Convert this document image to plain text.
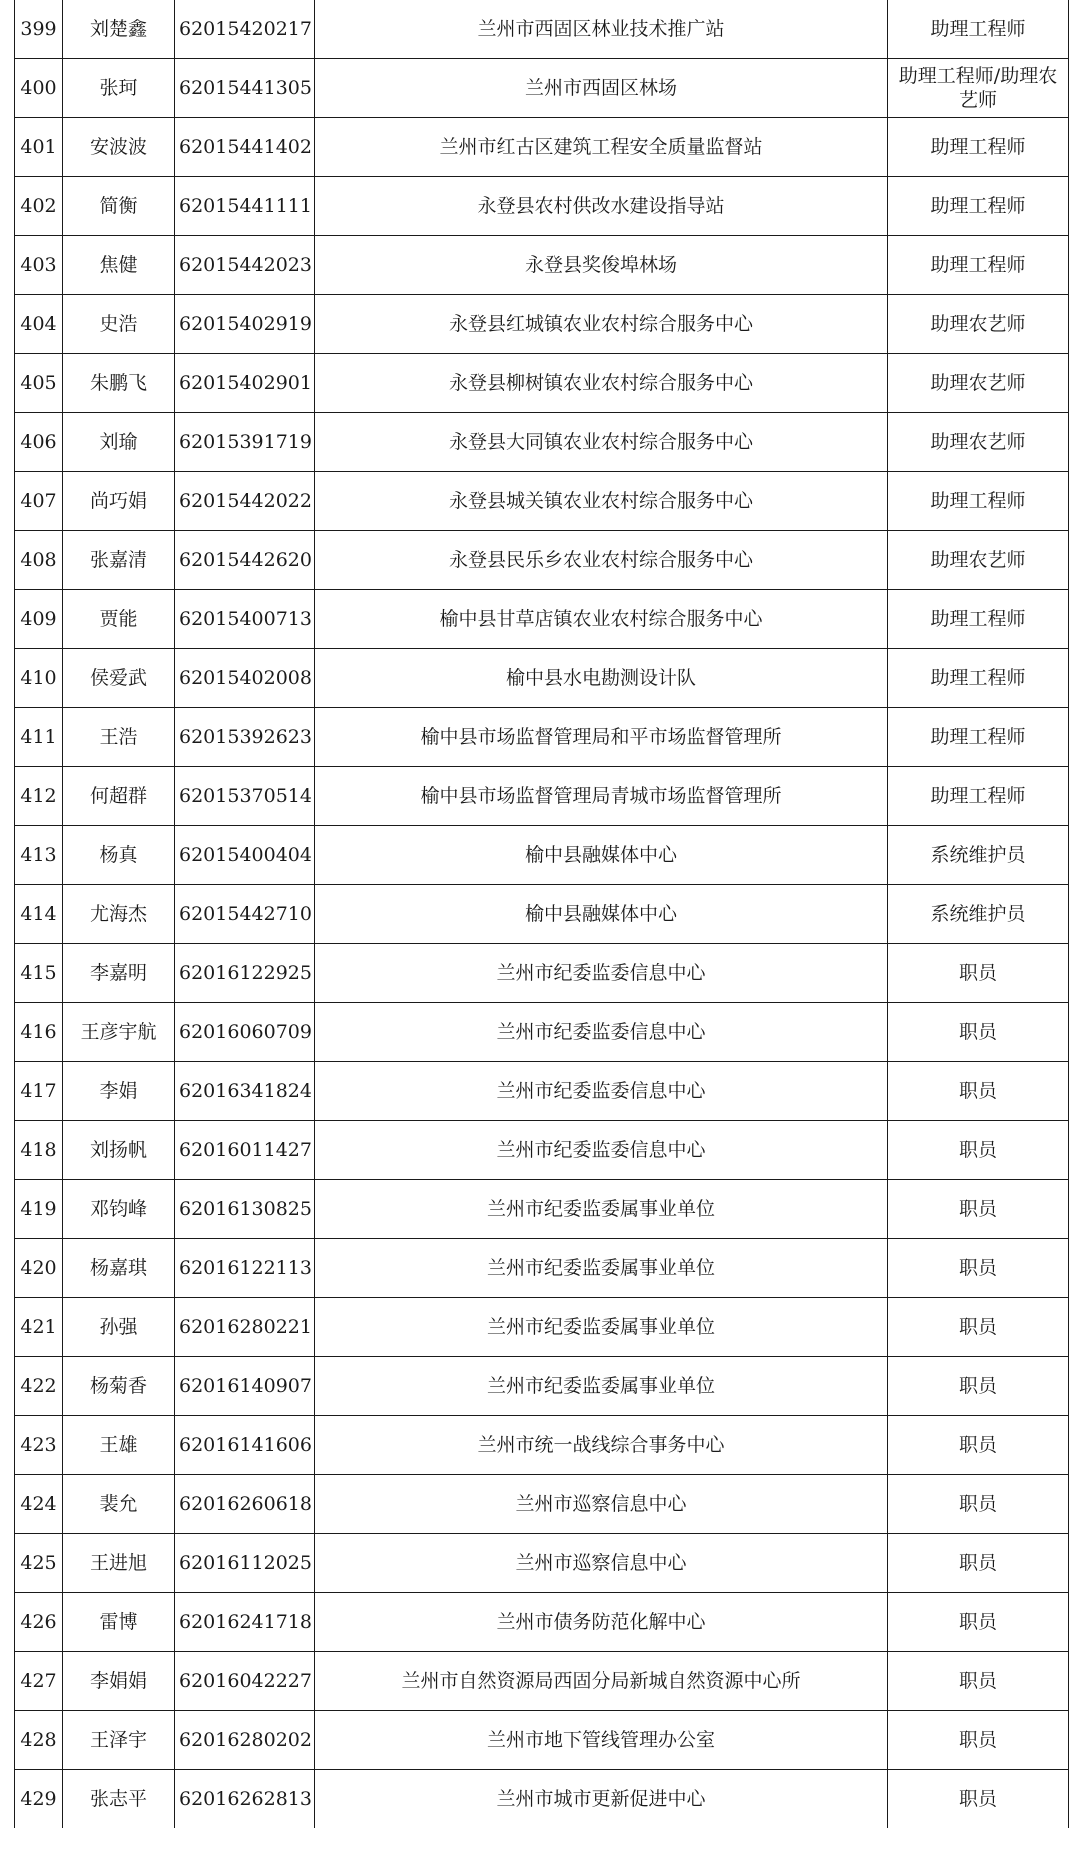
399	刘楚鑫	62015420217	兰州市西固区林业技术推广站	助理工程师
400	张珂	62015441305	兰州市西固区林场	助理工程师/助理农艺师
401	安波波	62015441402	兰州市红古区建筑工程安全质量监督站	助理工程师
402	简衡	62015441111	永登县农村供改水建设指导站	助理工程师
403	焦健	62015442023	永登县奖俊埠林场	助理工程师
404	史浩	62015402919	永登县红城镇农业农村综合服务中心	助理农艺师
405	朱鹏飞	62015402901	永登县柳树镇农业农村综合服务中心	助理农艺师
406	刘瑜	62015391719	永登县大同镇农业农村综合服务中心	助理农艺师
407	尚巧娟	62015442022	永登县城关镇农业农村综合服务中心	助理工程师
408	张嘉清	62015442620	永登县民乐乡农业农村综合服务中心	助理农艺师
409	贾能	62015400713	榆中县甘草店镇农业农村综合服务中心	助理工程师
410	侯爱武	62015402008	榆中县水电勘测设计队	助理工程师
411	王浩	62015392623	榆中县市场监督管理局和平市场监督管理所	助理工程师
412	何超群	62015370514	榆中县市场监督管理局青城市场监督管理所	助理工程师
413	杨真	62015400404	榆中县融媒体中心	系统维护员
414	尤海杰	62015442710	榆中县融媒体中心	系统维护员
415	李嘉明	62016122925	兰州市纪委监委信息中心	职员
416	王彦宇航	62016060709	兰州市纪委监委信息中心	职员
417	李娟	62016341824	兰州市纪委监委信息中心	职员
418	刘扬帆	62016011427	兰州市纪委监委信息中心	职员
419	邓钧峰	62016130825	兰州市纪委监委属事业单位	职员
420	杨嘉琪	62016122113	兰州市纪委监委属事业单位	职员
421	孙强	62016280221	兰州市纪委监委属事业单位	职员
422	杨菊香	62016140907	兰州市纪委监委属事业单位	职员
423	王雄	62016141606	兰州市统一战线综合事务中心	职员
424	裴允	62016260618	兰州市巡察信息中心	职员
425	王进旭	62016112025	兰州市巡察信息中心	职员
426	雷博	62016241718	兰州市债务防范化解中心	职员
427	李娟娟	62016042227	兰州市自然资源局西固分局新城自然资源中心所	职员
428	王泽宇	62016280202	兰州市地下管线管理办公室	职员
429	张志平	62016262813	兰州市城市更新促进中心	职员
